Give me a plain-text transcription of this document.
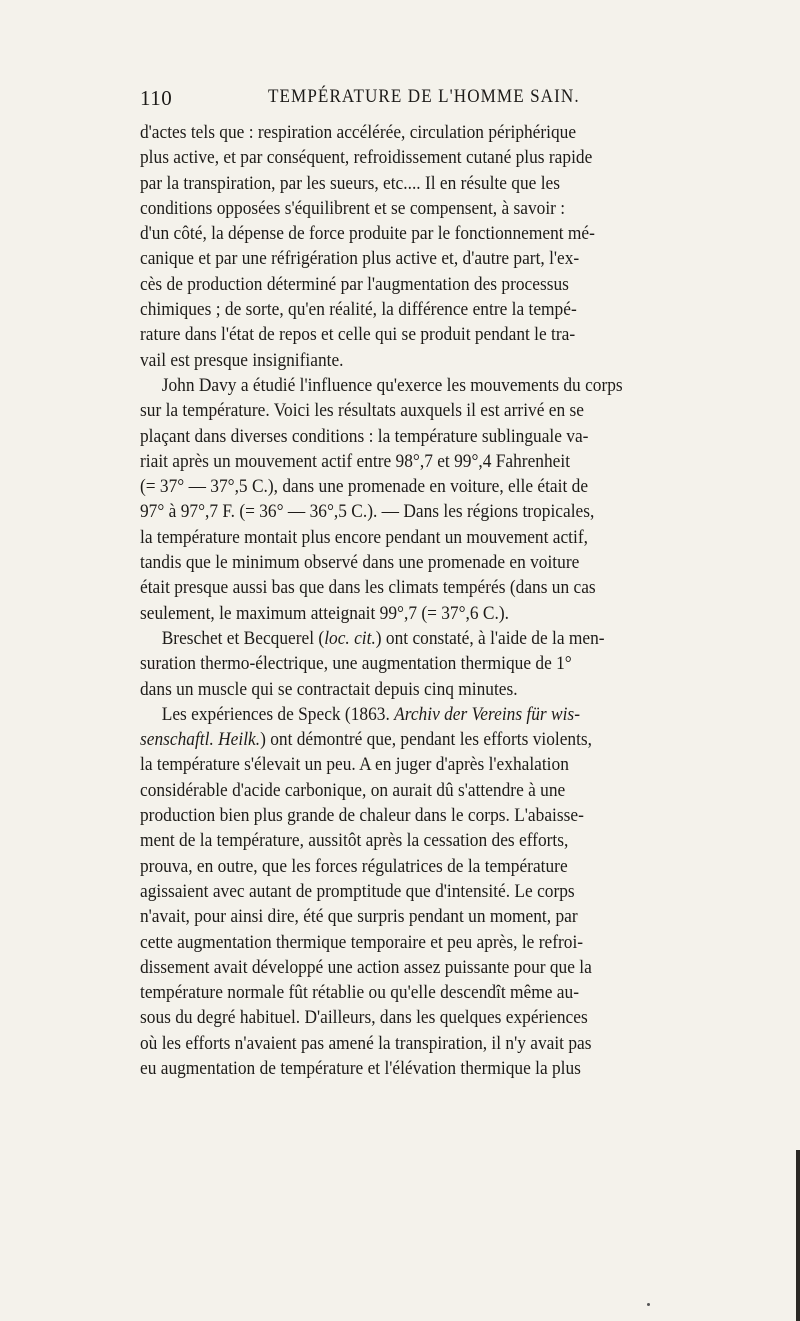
110	TEMPÉRATURE DE L'HOMME SAIN.
d'actes tels que : respiration accélérée, circulation périphérique
plus active, et par conséquent, refroidissement cutané plus rapide
par la transpiration, par les sueurs, etc.... Il en résulte que les
conditions opposées s'équilibrent et se compensent, à savoir :
d'un côté, la dépense de force produite par le fonctionnement mé-
canique et par une réfrigération plus active et, d'autre part, l'ex-
cès de production déterminé par l'augmentation des processus
chimiques ; de sorte, qu'en réalité, la différence entre la tempé-
rature dans l'état de repos et celle qui se produit pendant le tra-
vail est presque insignifiante.
John Davy a étudié l'influence qu'exerce les mouvements du corps
sur la température. Voici les résultats auxquels il est arrivé en se
plaçant dans diverses conditions : la température sublinguale va-
riait après un mouvement actif entre 98°,7 et 99°,4 Fahrenheit
(= 37° — 37°,5 C.), dans une promenade en voiture, elle était de
97° à 97°,7 F. (= 36° — 36°,5 C.). — Dans les régions tropicales,
la température montait plus encore pendant un mouvement actif,
tandis que le minimum observé dans une promenade en voiture
était presque aussi bas que dans les climats tempérés (dans un cas
seulement, le maximum atteignait 99°,7 (= 37°,6 C.).
Breschet et Becquerel (loc. cit.) ont constaté, à l'aide de la men-
suration thermo-électrique, une augmentation thermique de 1°
dans un muscle qui se contractait depuis cinq minutes.
Les expériences de Speck (1863. Archiv der Vereins für wis-
senschaftl. Heilk.) ont démontré que, pendant les efforts violents,
la température s'élevait un peu. A en juger d'après l'exhalation
considérable d'acide carbonique, on aurait dû s'attendre à une
production bien plus grande de chaleur dans le corps. L'abaisse-
ment de la température, aussitôt après la cessation des efforts,
prouva, en outre, que les forces régulatrices de la température
agissaient avec autant de promptitude que d'intensité. Le corps
n'avait, pour ainsi dire, été que surpris pendant un moment, par
cette augmentation thermique temporaire et peu après, le refroi-
dissement avait développé une action assez puissante pour que la
température normale fût rétablie ou qu'elle descendît même au-
sous du degré habituel. D'ailleurs, dans les quelques expériences
où les efforts n'avaient pas amené la transpiration, il n'y avait pas
eu augmentation de température et l'élévation thermique la plus
